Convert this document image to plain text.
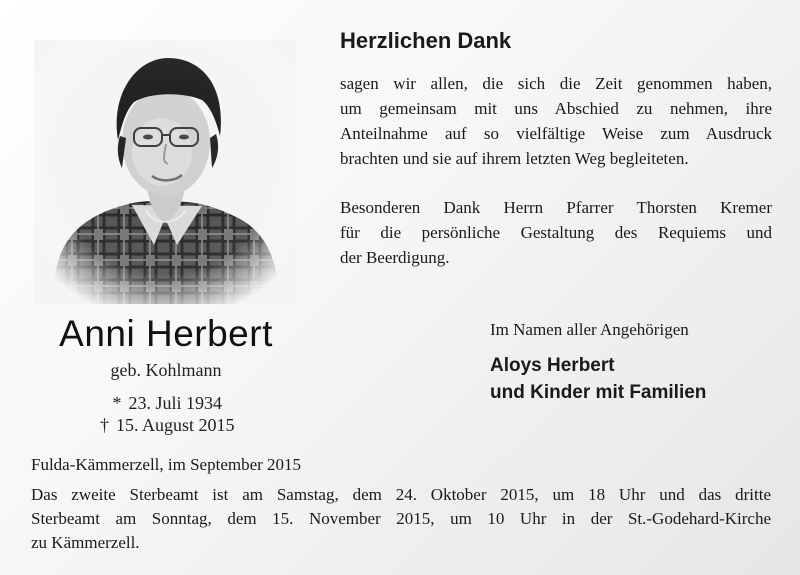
Anni Herbert
geb. Kohlmann
* 23. Juli 1934
† 15. August 2015
Herzlichen Dank
sagen wir allen, die sich die Zeit genommen haben,
um gemeinsam mit uns Abschied zu nehmen, ihre
Anteilnahme auf so vielfältige Weise zum Ausdruck
brachten und sie auf ihrem letzten Weg begleiteten.
Besonderen Dank Herrn Pfarrer Thorsten Kremer
für die persönliche Gestaltung des Requiems und
der Beerdigung.
Im Namen aller Angehörigen
Aloys Herbert
und Kinder mit Familien
Fulda-Kämmerzell, im September 2015
Das zweite Sterbeamt ist am Samstag, dem 24. Oktober 2015, um 18 Uhr und das dritte
Sterbeamt am Sonntag, dem 15. November 2015, um 10 Uhr in der St.-Godehard-Kirche
zu Kämmerzell.
